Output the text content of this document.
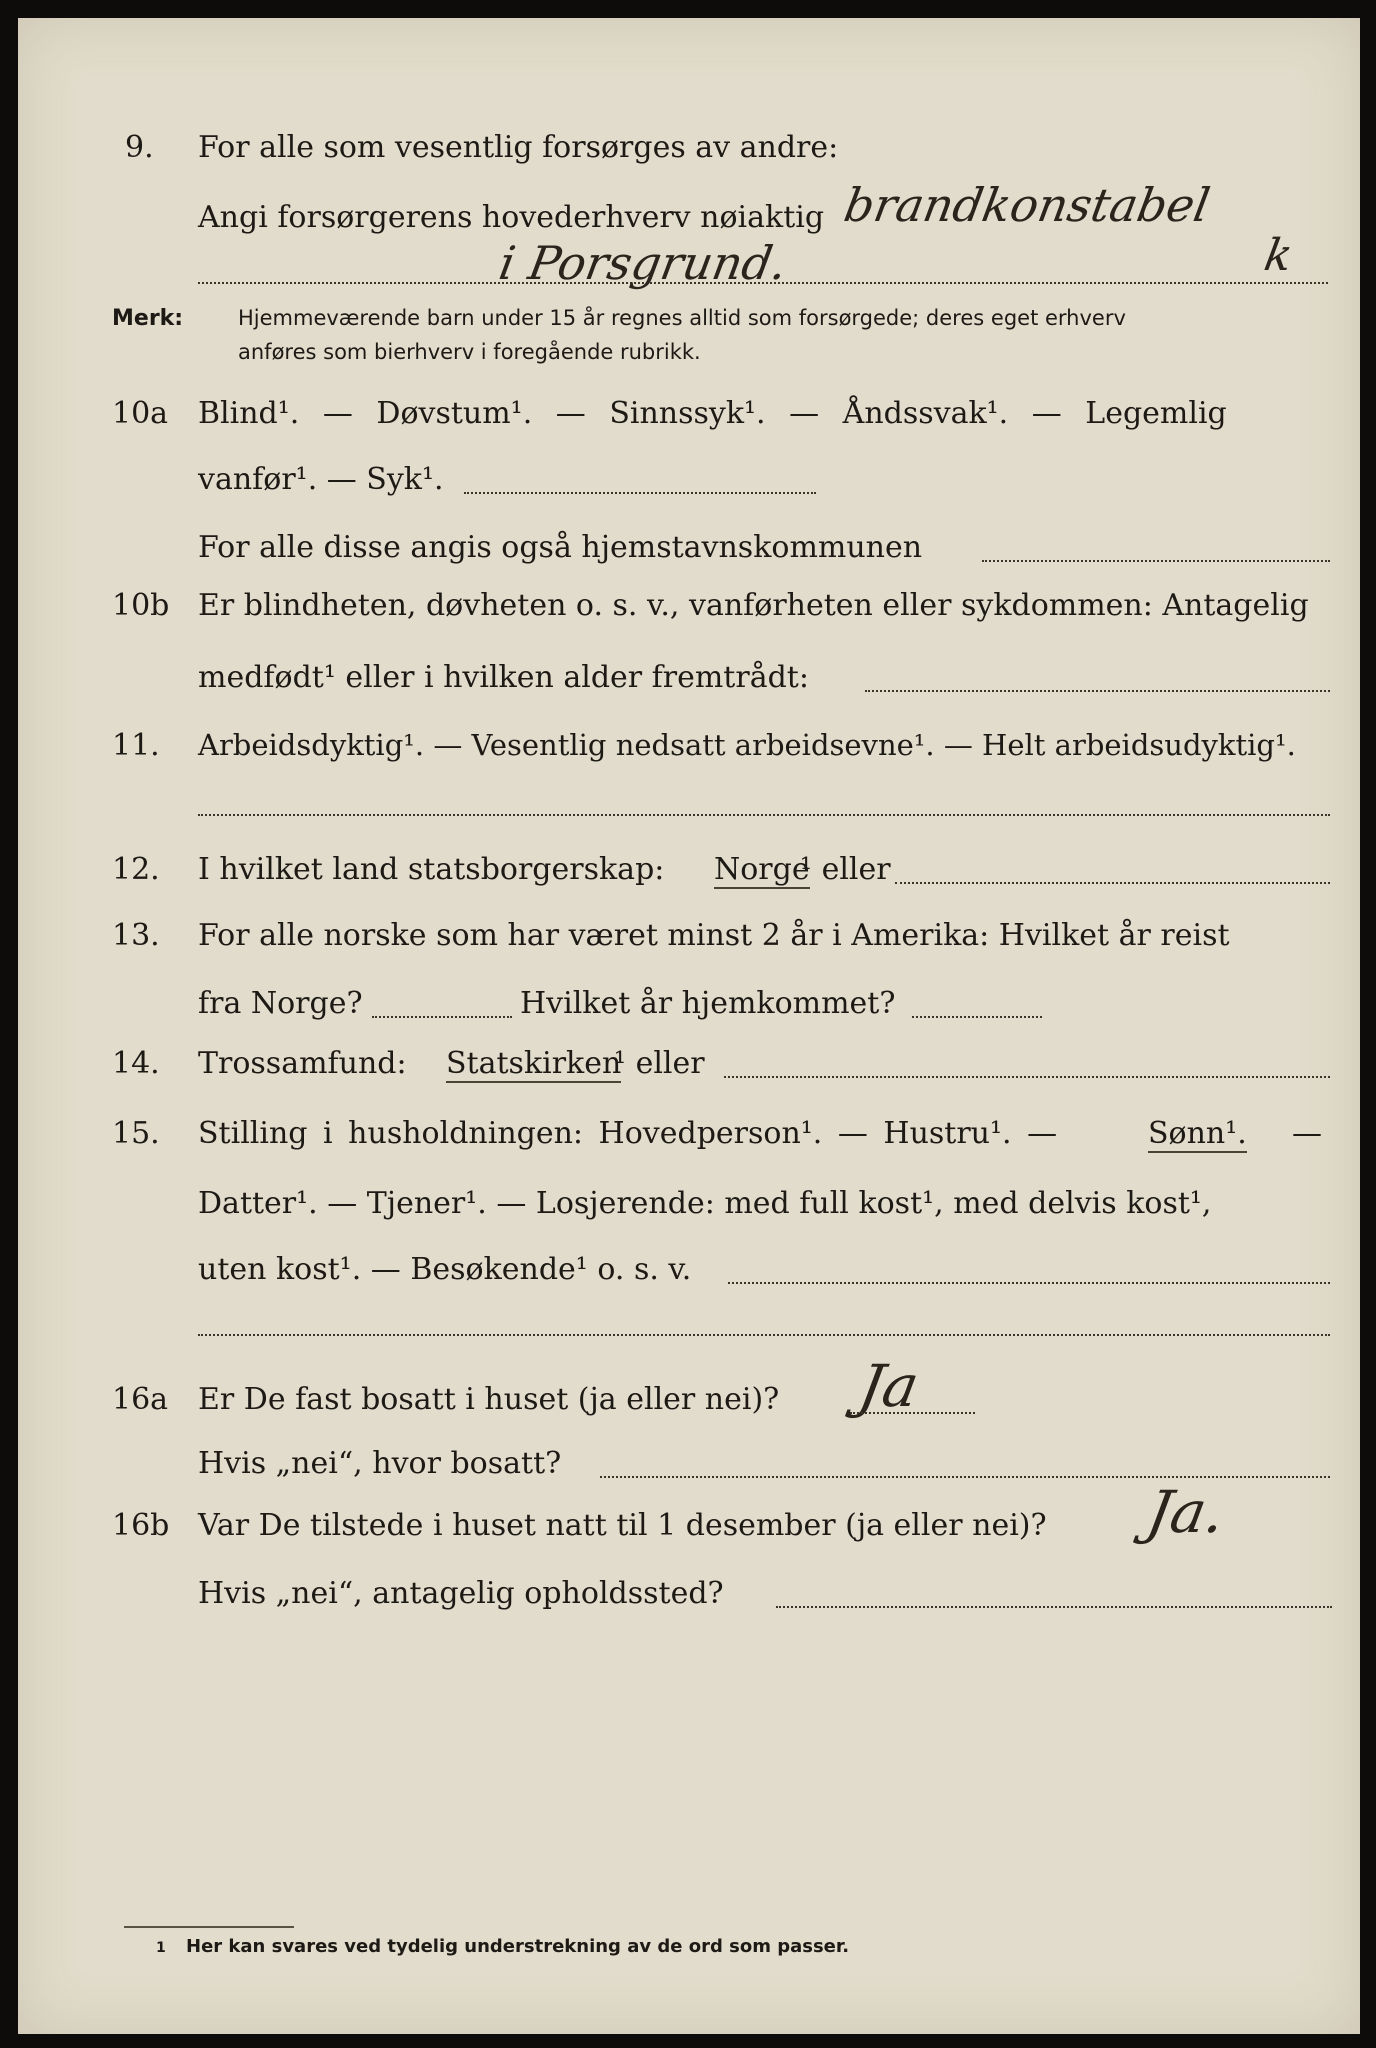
9. For alle som vesentlig forsørges av andre:
Angi forsørgerens hovederhverv nøiaktig brandkonstabel
i Porsgrund.	k
Merk:	Hjemmeværende barn under 15 år regnes alltid som forsørgede; deres eget erhverv
anføres som bierhverv i foregående rubrikk.
10a Blind¹. — Døvstum¹. — Sinnssyk¹. — Åndssvak¹. — Legemlig
vanfør¹. — Syk¹.
For alle disse angis også hjemstavnskommunen
10b Er blindheten, døvheten o. s. v., vanførheten eller sykdommen: Antagelig
medfødt¹ eller i hvilken alder fremtrådt:
11. Arbeidsdyktig¹. — Vesentlig nedsatt arbeidsevne¹. — Helt arbeidsudyktig¹.
12. I hvilket land statsborgerskap: Norge
¹ eller
13. For alle norske som har været minst 2 år i Amerika: Hvilket år reist
fra Norge?	Hvilket år hjemkommet?
14. Trossamfund: Statskirken
¹ eller
15. Stilling i husholdningen: Hovedperson¹. — Hustru¹. —	Sønn¹. —
Datter¹. — Tjener¹. — Losjerende: med full kost¹, med delvis kost¹,
uten kost¹. — Besøkende¹ o. s. v.
16a Er De fast bosatt i huset (ja eller nei)? Ja
Hvis „nei“, hvor bosatt?
16b Var De tilstede i huset natt til 1 desember (ja eller nei)? Ja.
Hvis „nei“, antagelig opholdssted?
1 Her kan svares ved tydelig understrekning av de ord som passer.
